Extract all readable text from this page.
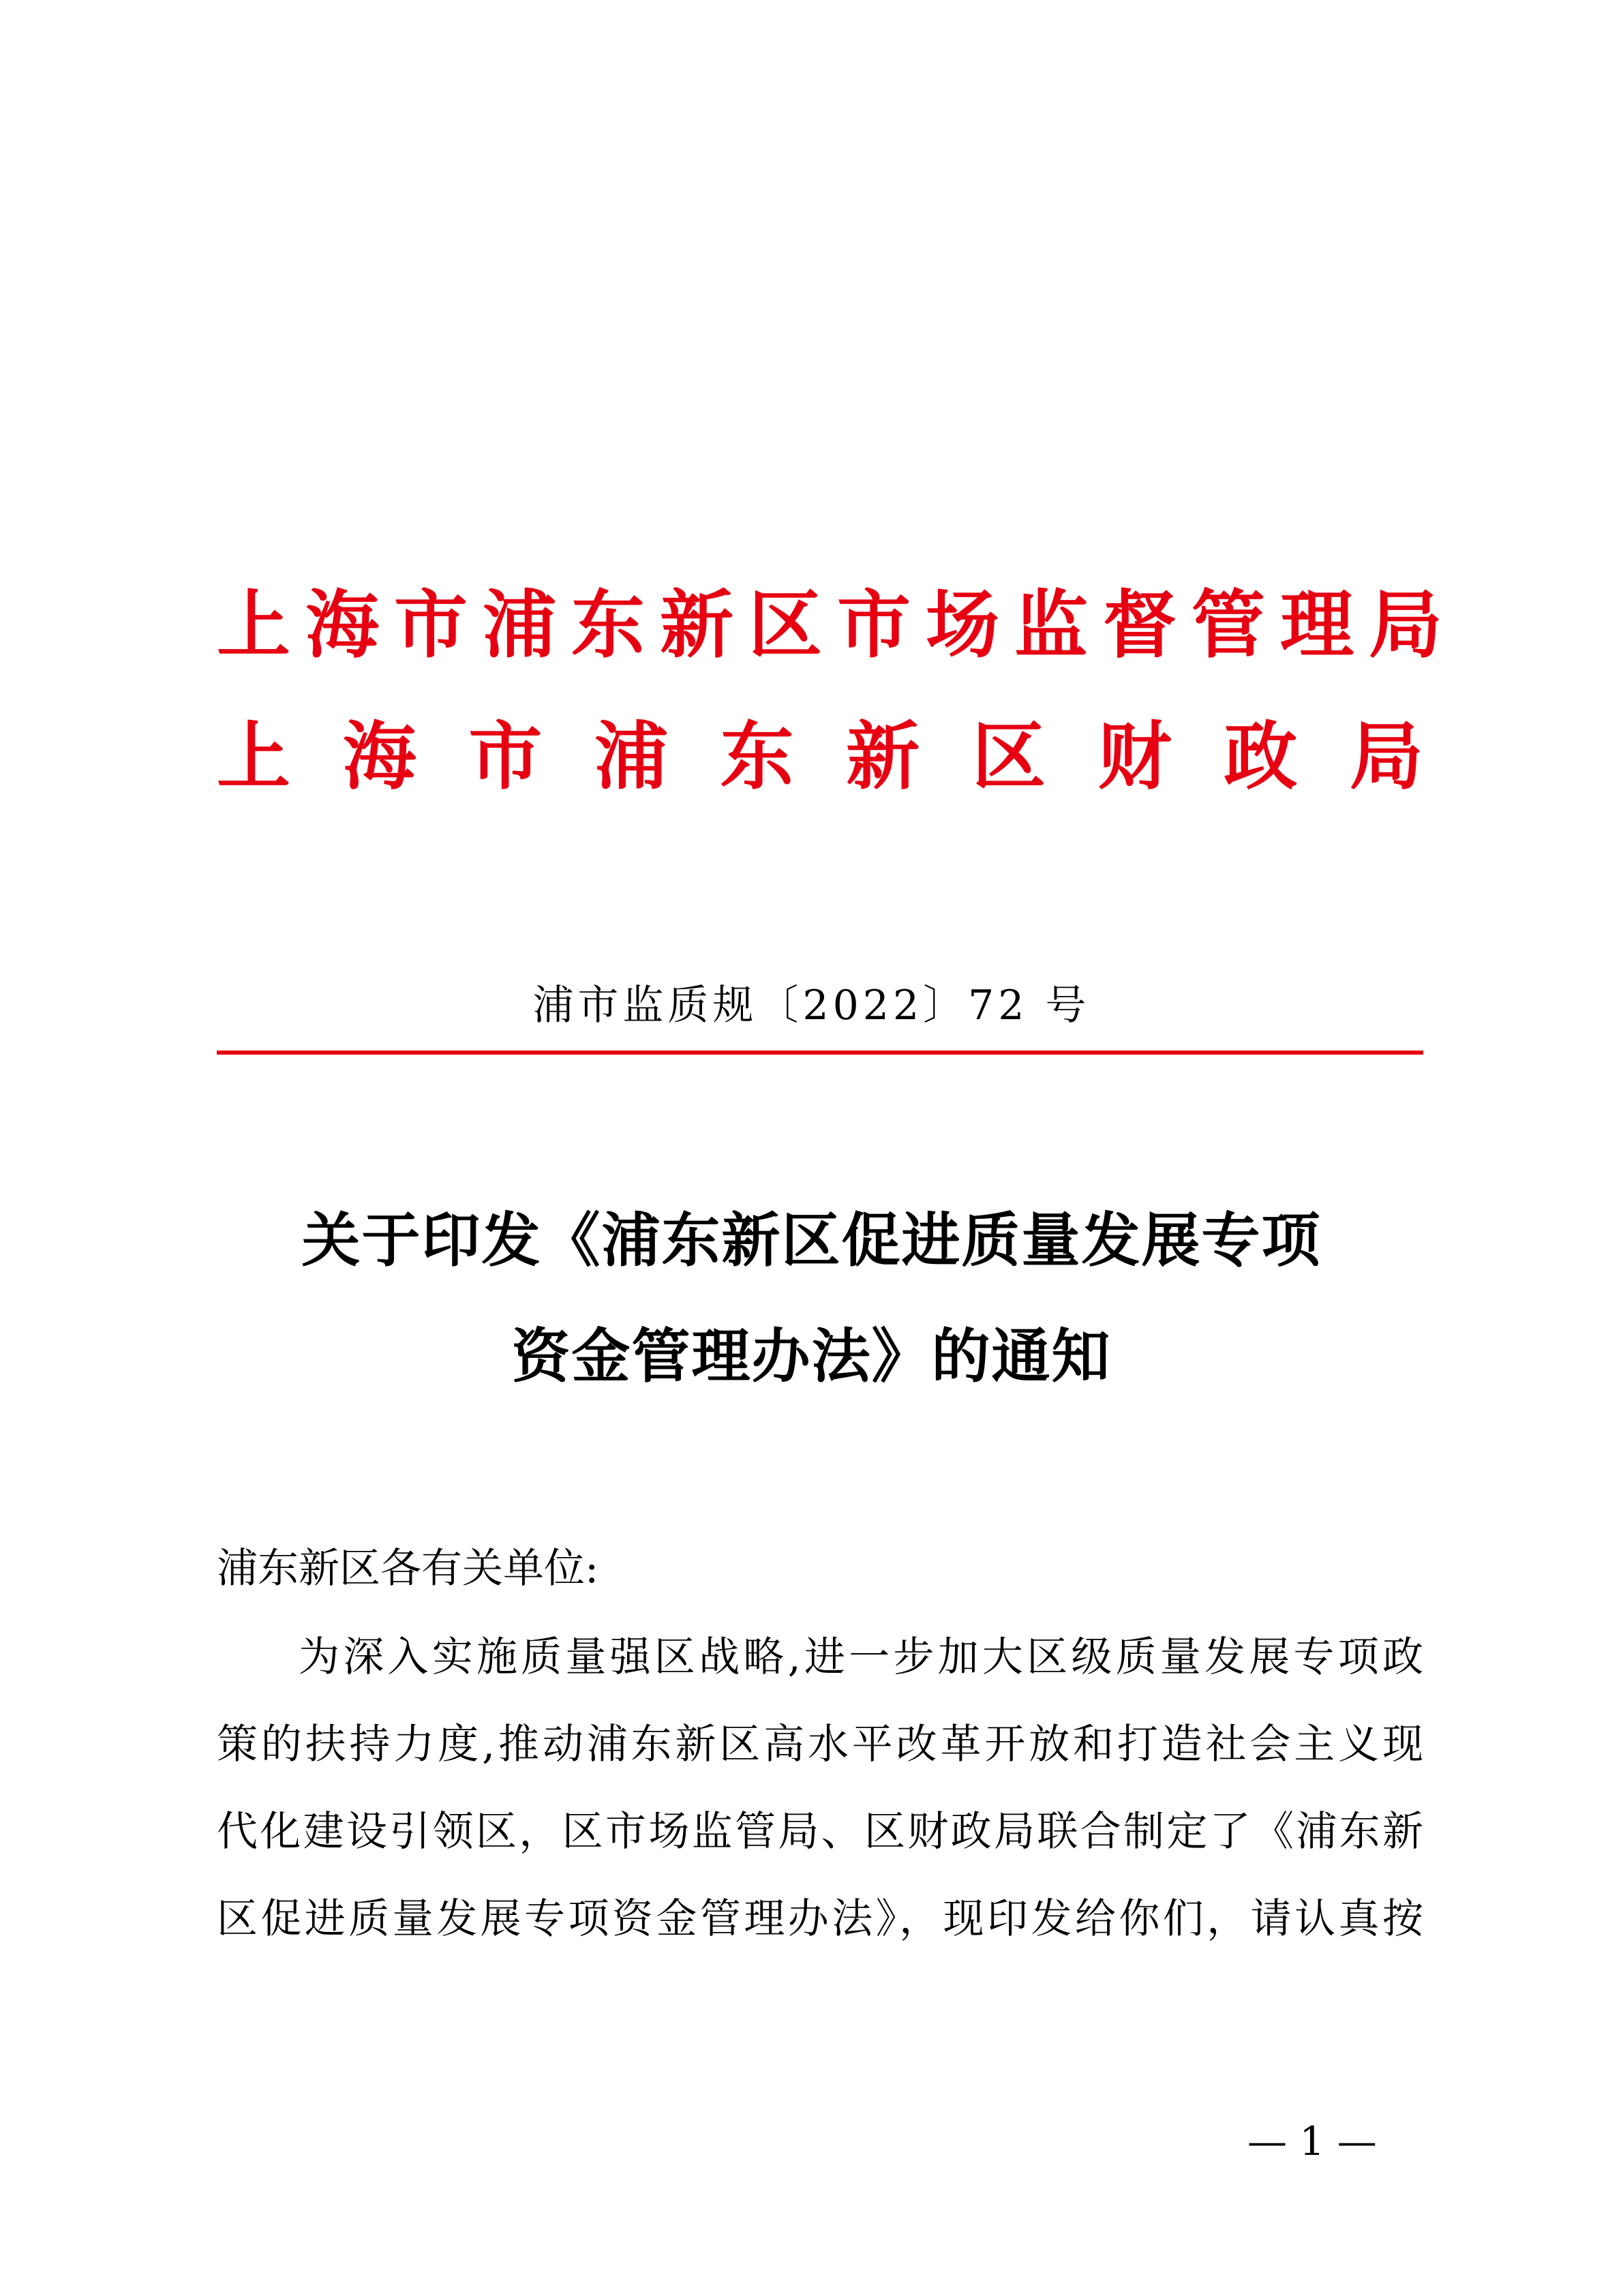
上海市浦东新区市场监督管理局
上 海 市 浦 东 新 区 财 政 局
浦市监质规〔2022〕72 号
关于印发《浦东新区促进质量发展专项
资金管理办法》的通知
浦东新区各有关单位:
为深入实施质量强区战略,进一步加大区级质量发展专项政
策的扶持力度,推动浦东新区高水平改革开放和打造社会主义现
代化建设引领区，区市场监管局、区财政局联合制定了《浦东新
区促进质量发展专项资金管理办法》，现印发给你们，请认真按
— 1 —
